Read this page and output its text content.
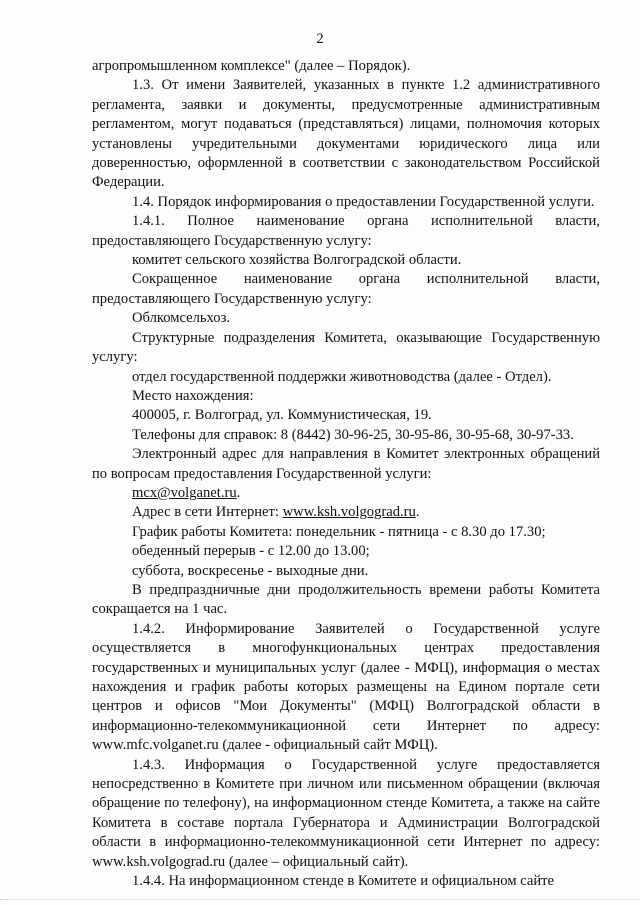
2

агропромышленном комплексе" (далее – Порядок).

1.3. От имени Заявителей, указанных в пункте 1.2 административного регламента, заявки и документы, предусмотренные административным регламентом, могут подаваться (представляться) лицами, полномочия которых установлены учредительными документами юридического лица или доверенностью, оформленной в соответствии с законодательством Российской Федерации.

1.4. Порядок информирования о предоставлении Государственной услуги.

1.4.1. Полное наименование органа исполнительной власти, предоставляющего Государственную услугу:

комитет сельского хозяйства Волгоградской области.

Сокращенное наименование органа исполнительной власти, предоставляющего Государственную услугу:

Облкомсельхоз.

Структурные подразделения Комитета, оказывающие Государственную услугу:

отдел государственной поддержки животноводства (далее - Отдел).

Место нахождения:

400005, г. Волгоград, ул. Коммунистическая, 19.

Телефоны для справок: 8 (8442) 30-96-25, 30-95-86, 30-95-68, 30-97-33.

Электронный адрес для направления в Комитет электронных обращений по вопросам предоставления Государственной услуги:

mcx@volganet.ru.

Адрес в сети Интернет: www.ksh.volgograd.ru.

График работы Комитета: понедельник - пятница - с 8.30 до 17.30;

обеденный перерыв - с 12.00 до 13.00;

суббота, воскресенье - выходные дни.

В предпраздничные дни продолжительность времени работы Комитета сокращается на 1 час.

1.4.2. Информирование Заявителей о Государственной услуге осуществляется в многофункциональных центрах предоставления государственных и муниципальных услуг (далее - МФЦ), информация о местах нахождения и график работы которых размещены на Едином портале сети центров и офисов "Мои Документы" (МФЦ) Волгоградской области в информационно-телекоммуникационной сети Интернет по адресу: www.mfc.volganet.ru (далее - официальный сайт МФЦ).

1.4.3. Информация о Государственной услуге предоставляется непосредственно в Комитете при личном или письменном обращении (включая обращение по телефону), на информационном стенде Комитета, а также на сайте Комитета в составе портала Губернатора и Администрации Волгоградской области в информационно-телекоммуникационной сети Интернет по адресу: www.ksh.volgograd.ru (далее – официальный сайт).

1.4.4. На информационном стенде в Комитете и официальном сайте
